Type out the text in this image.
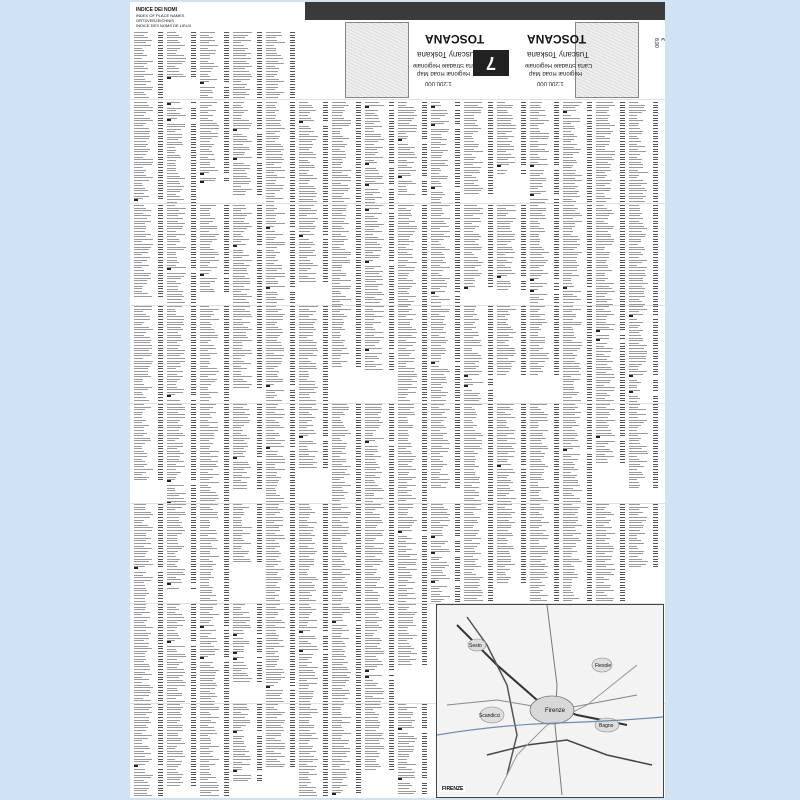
INDICE DEI NOMI
INDEX OF PLACE NAMES
ORTSVERZEICHNIS
INDICE DES NOMS DE LIEUX
7
TOSCANA
Tuscany Toskana
Carta Stradale Regionale
Regional Road Map
1:200.000
TOSCANA
Tuscany Toskana
Carta Stradale Regionale
Regional Road Map
1:200.000
€ 8,90
Firenze
Scandicci
Sesto
Fiesole
Bagno
FIRENZE
